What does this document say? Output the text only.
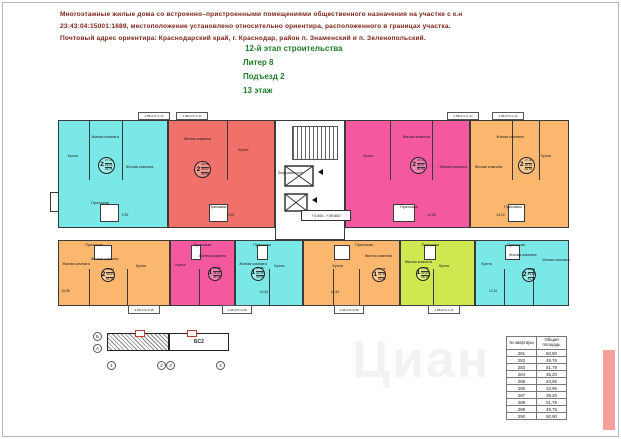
Многоэтажные жилые дома со встроенно–пристроенными помещениями общественного назначения на участке с к.н
23:43:04:15001:1689, местоположение установлено относительно ориентира, расположенного в границах участка.
Почтовый адрес ориентира: Краснодарский край, г. Краснодар, район п. Знаменский и п. Зеленопольский.
12-й этап строительства
Литер 8
Подъезд 2
13 этаж
Кухня
Жилая комната
Жилая комната
Прихожая
9,25
2
27,18
48,23
49,76
Жилая комната
Кухня
Прихожая
9,20
2
28,10
49,37
50,90
Кухня
Жилая комната
Жилая комната
Прихожая
14,35
2
28,10
49,37
50,90
Жилая комната
Жилая комната
Кухня
Прихожая
14,20
2
27,18
48,23
49,76
Жилая комната
Жилая комната
Кухня
Прихожая
15,95
2
28,54
50,21
51,79
Кухня
Жилая комната
Прихожая
1
15,70
33,24
35,20
Жилая комната
Кухня
Прихожая
10,54
1
17,25
22,49
23,95
Кухня
Жилая комната
Прихожая
10,34
1
17,25
22,49
23,95
Жилая комната
Кухня
Прихожая
1
15,70
33,24
35,20
Кухня
Жилая комната
Жилая комната
Прихожая
12,51
2
28,54
50,21
51,79
2,88x0,5=1,44	2,88x0,5=1,44	2,88x0,5=1,44	2,88x0,5=1,44
3,96x0,5=1,98	1,96x0,5=0,98	1,96x0,5=0,98	2,88x0,5=1,44
Лифтовый холл
+3.000...+39.600
БС2
Б
А
1	2	3	4
№ квартиры	Общая площадь
281	50,90
282	49,76
283	51,79
284	35,20
285	23,95
286	23,95
287	35,20
288	51,79
289	49,76
290	50,90
Циан
